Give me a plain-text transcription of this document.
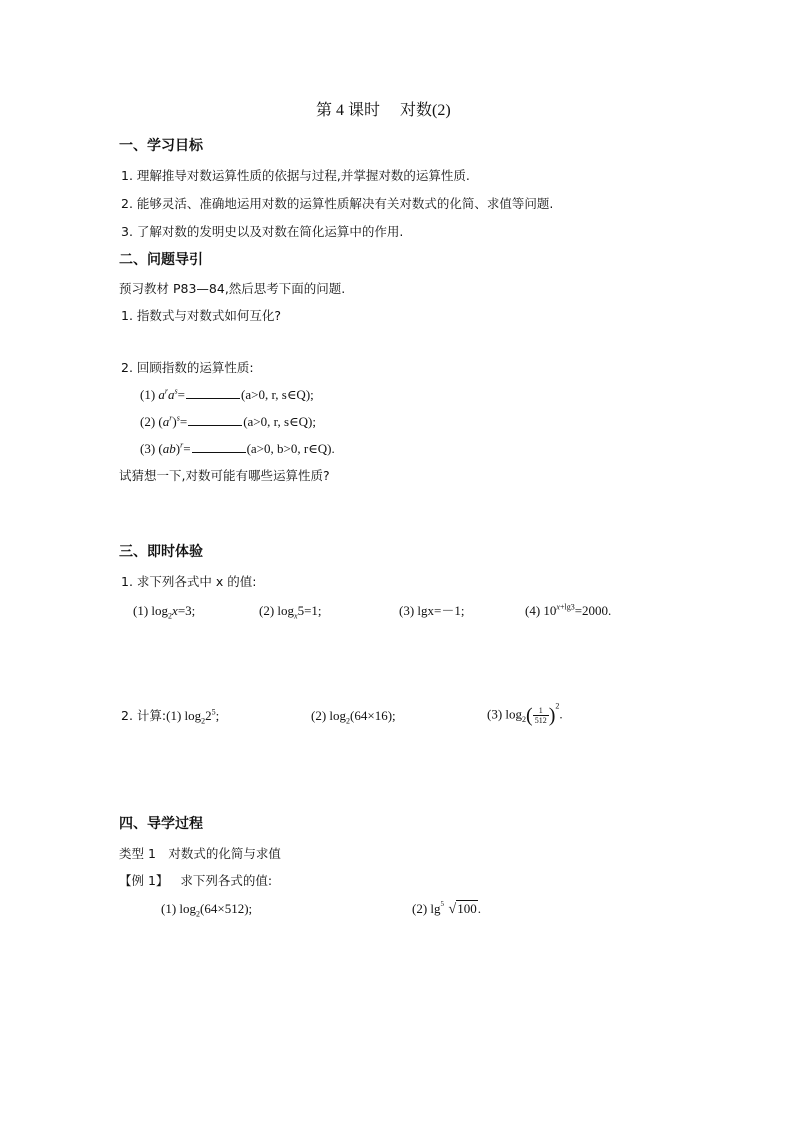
第 4 课时　 对数(2)
一、学习目标
1. 理解推导对数运算性质的依据与过程,并掌握对数的运算性质.
2. 能够灵活、准确地运用对数的运算性质解决有关对数式的化简、求值等问题.
3. 了解对数的发明史以及对数在简化运算中的作用.
二、问题导引
预习教材 P83—84,然后思考下面的问题.
1. 指数式与对数式如何互化?
2. 回顾指数的运算性质:
(1) $a^ra^s=$	(a>0, r, s∈Q);
(2) $(a^r)^s=$	(a>0, r, s∈Q);
(3) (ab)$^r$=	(a>0, b>0, r∈Q).
试猜想一下,对数可能有哪些运算性质?
三、即时体验
1. 求下列各式中 x 的值:
(1) $\log_2x=3$;	(2) $\log_x5=1$;	(3) lgx=－1;	(4) $10^{x+lg3}=2000$.
2. 计算:(1) $\log_22^5$;	(2) $\log_2(64\times 16)$;	(3) $\log_2( \frac{1}{512} )^2$.
四、导学过程
类型 1　对数式的化简与求值
【例 1】 求下列各式的值:
(1) $\log_2(64\times 512)$;	(2) lg 5 √100.
